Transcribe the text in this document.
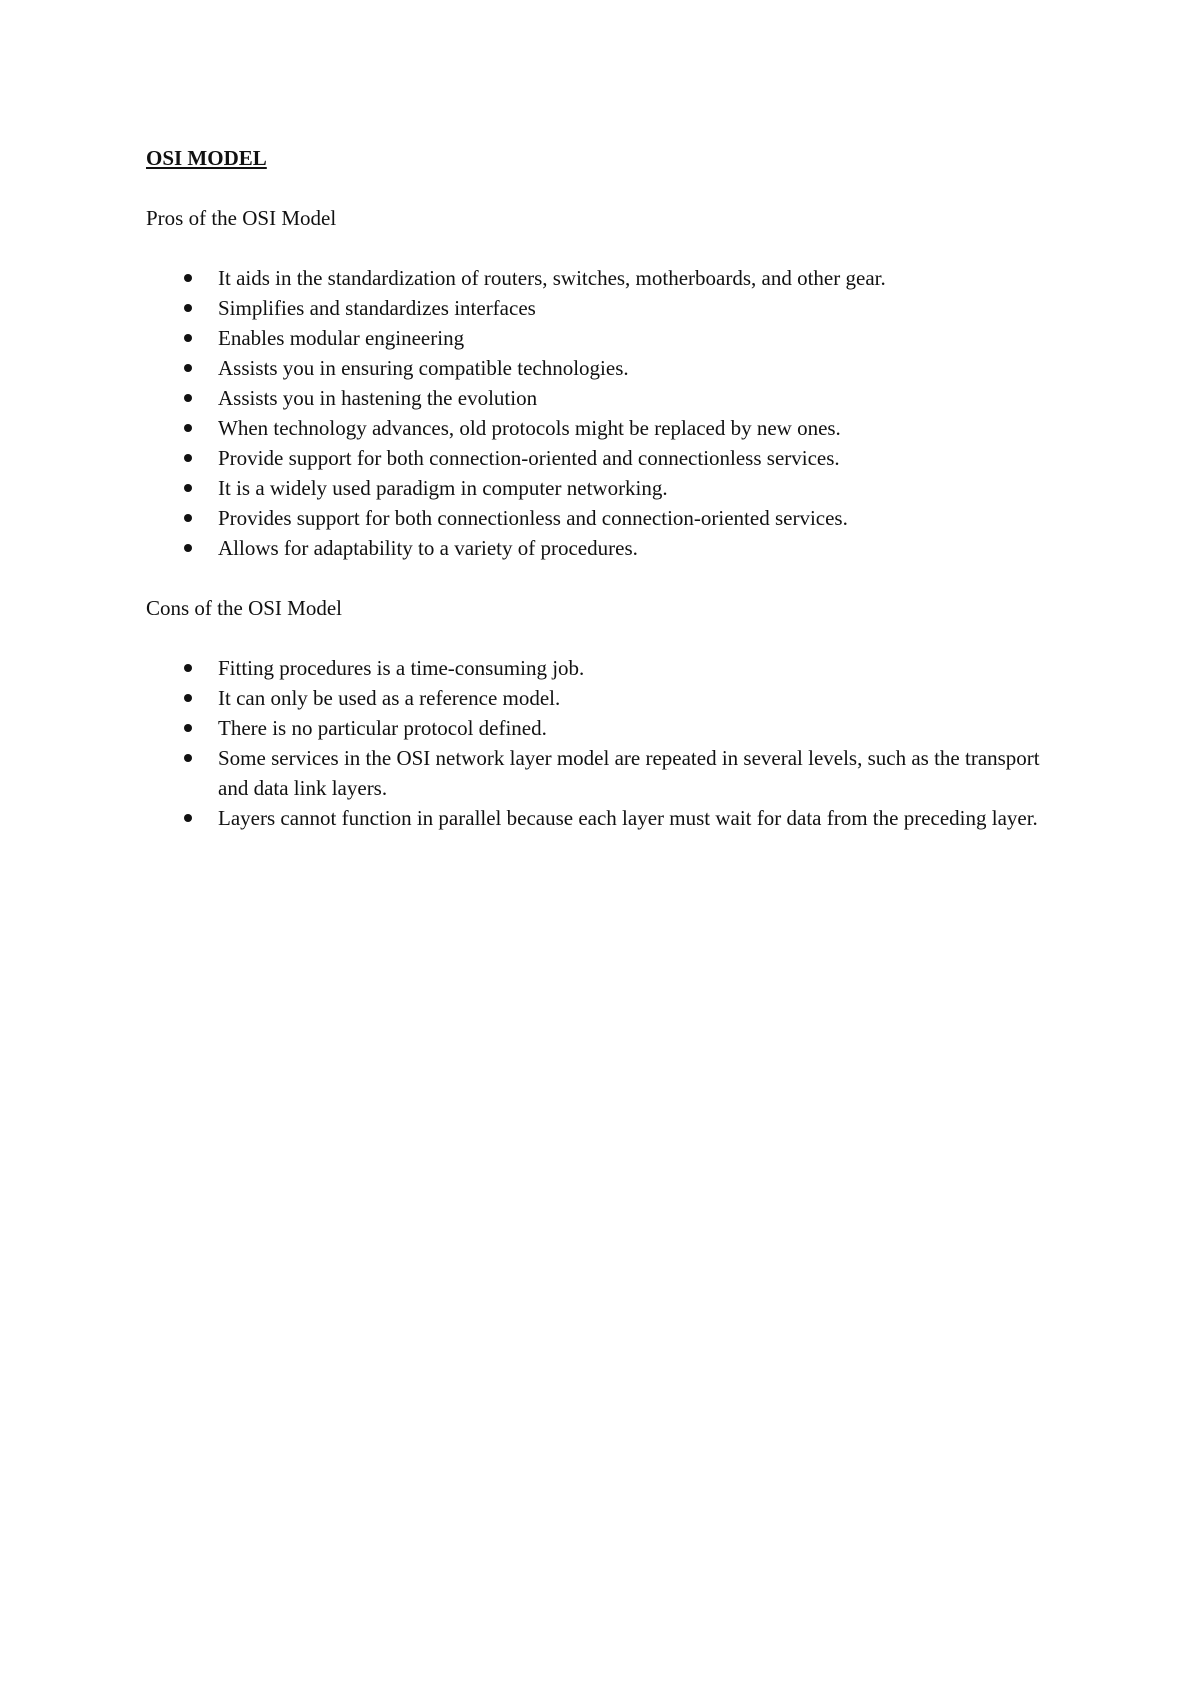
OSI MODEL
Pros of the OSI Model
It aids in the standardization of routers, switches, motherboards, and other gear.
Simplifies and standardizes interfaces
Enables modular engineering
Assists you in ensuring compatible technologies.
Assists you in hastening the evolution
When technology advances, old protocols might be replaced by new ones.
Provide support for both connection-oriented and connectionless services.
It is a widely used paradigm in computer networking.
Provides support for both connectionless and connection-oriented services.
Allows for adaptability to a variety of procedures.
Cons of the OSI Model
Fitting procedures is a time-consuming job.
It can only be used as a reference model.
There is no particular protocol defined.
Some services in the OSI network layer model are repeated in several levels, such as the transport and data link layers.
Layers cannot function in parallel because each layer must wait for data from the preceding layer.
